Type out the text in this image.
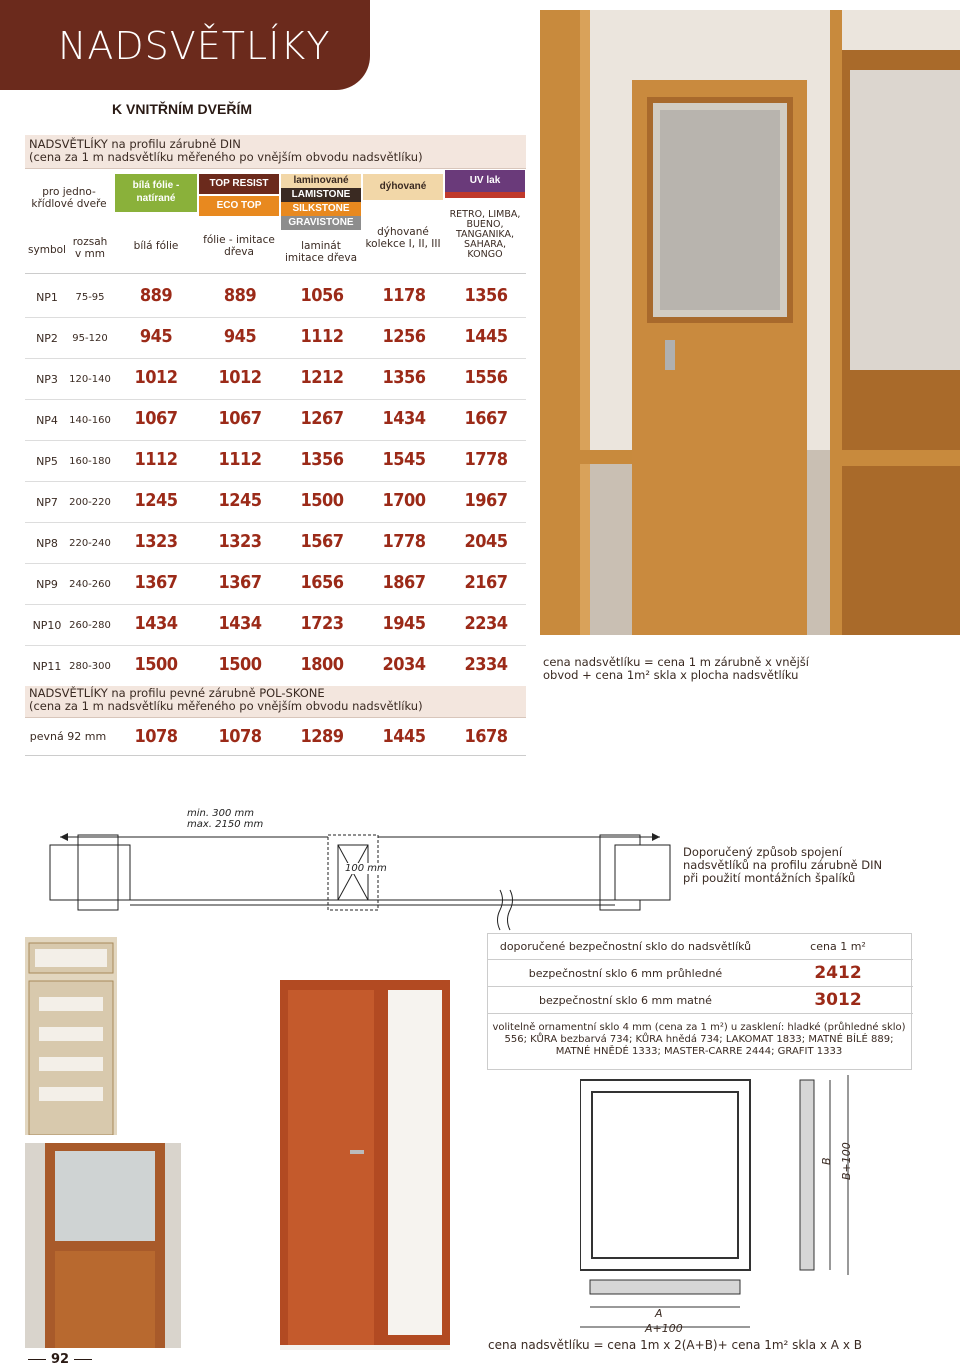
NADSVĚTLÍKY
K VNITŘNÍM DVEŘÍM
NADSVĚTLÍKY na profilu zárubně DIN
(cena za 1 m nadsvětlíku měřeného po vnějším obvodu nadsvětlíku)
pro jedno-křídlové dveře
symbol
rozsah v mm
bílá fólie - natírané
bílá fólie
TOP RESIST
ECO TOP
fólie - imitace dřeva
laminované
LAMISTONE
SILKSTONE
GRAVISTONE
laminát imitace dřeva
dýhované
dýhované kolekce I, II, III
UV lak
RETRO, LIMBA, BUENO, TANGANIKA, SAHARA, KONGO
NP1	75-95	889	889	1056	1178	1356
NP2	95-120	945	945	1112	1256	1445
NP3	120-140	1012	1012	1212	1356	1556
NP4	140-160	1067	1067	1267	1434	1667
NP5	160-180	1112	1112	1356	1545	1778
NP7	200-220	1245	1245	1500	1700	1967
NP8	220-240	1323	1323	1567	1778	2045
NP9	240-260	1367	1367	1656	1867	2167
NP10 260-280	1434	1434	1723	1945	2234
NP11 280-300	1500	1500	1800	2034	2334
NADSVĚTLÍKY na profilu pevné zárubně POL-SKONE
(cena za 1 m nadsvětlíku měřeného po vnějším obvodu nadsvětlíku)
pevná 92 mm	1078	1078	1289	1445	1678
cena nadsvětlíku = cena 1 m zárubně x vnější obvod + cena 1m² skla x plocha nadsvětlíku
min. 300 mm
max. 2150 mm
100 mm
Doporučený způsob spojení nadsvětlíků na profilu zárubně DIN při použití montážních špalíků
doporučené bezpečnostní sklo do nadsvětlíků	cena 1 m²
bezpečnostní sklo 6 mm průhledné	2412
bezpečnostní sklo 6 mm matné	3012
volitelně ornamentní sklo 4 mm (cena za 1 m²) u zasklení: hladké (průhledné sklo) 556; KŮRA bezbarvá 734; KŮRA hnědá 734; LAKOMAT 1833; MATNÉ BÍLÉ 889; MATNÉ HNĚDÉ 1333; MASTER-CARRE 2444; GRAFIT 1333
B B+100
A
A+100
cena nadsvětlíku = cena 1m x 2(A+B)+ cena 1m² skla x A x B
92
